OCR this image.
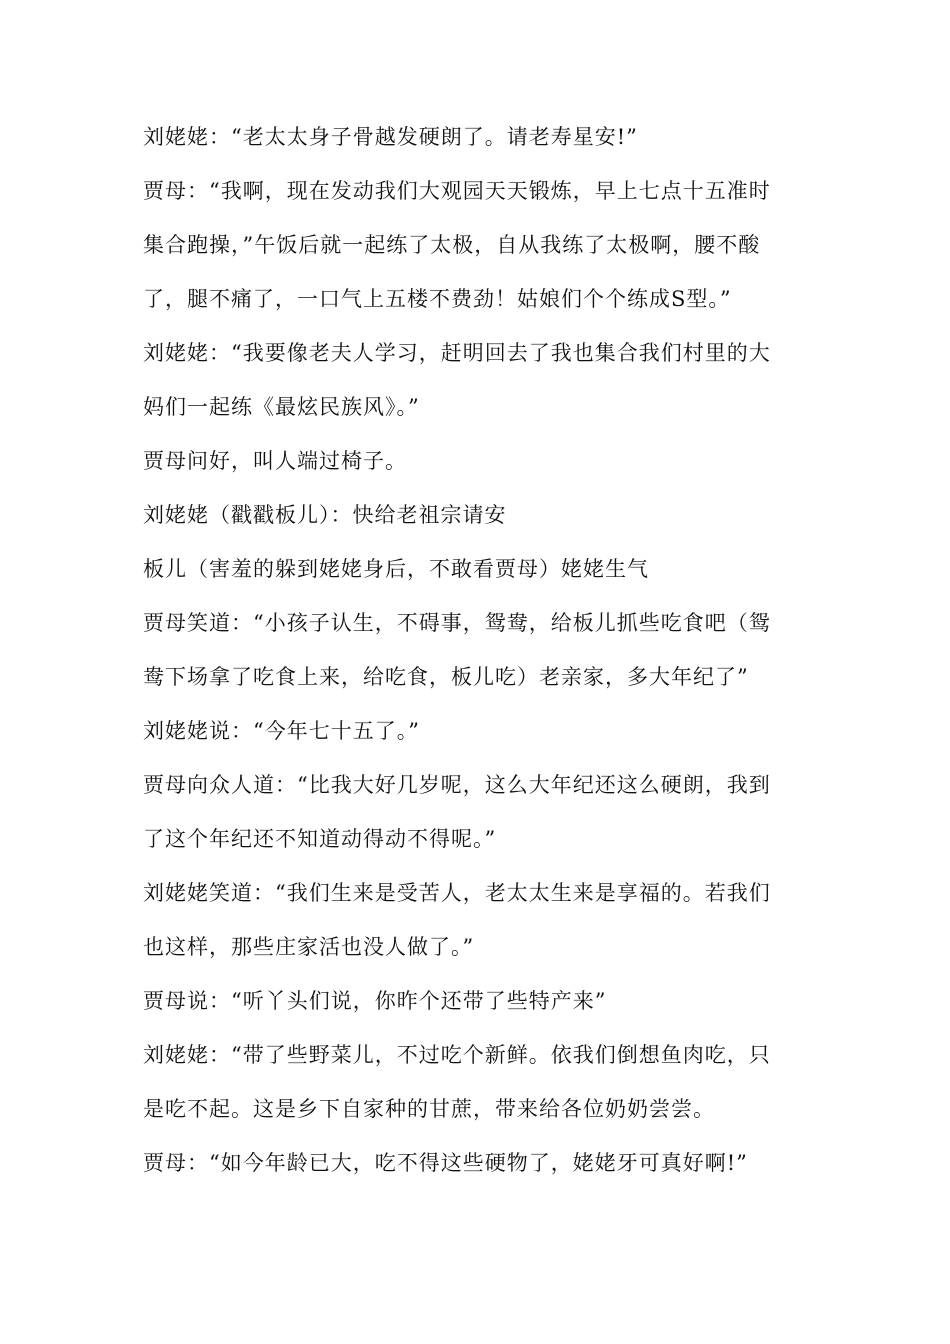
刘姥姥：“老太太身子骨越发硬朗了。请老寿星安!”
贾母：“我啊，现在发动我们大观园天天锻炼，早上七点十五准时
集合跑操，”午饭后就一起练了太极，自从我练了太极啊，腰不酸
了，腿不痛了，一口气上五楼不费劲！姑娘们个个练成S型。”
刘姥姥：“我要像老夫人学习，赶明回去了我也集合我们村里的大
妈们一起练《最炫民族风》。”
贾母问好，叫人端过椅子。
刘姥姥（戳戳板儿）：快给老祖宗请安
板儿（害羞的躲到姥姥身后，不敢看贾母）姥姥生气
贾母笑道：“小孩子认生，不碍事，鸳鸯，给板儿抓些吃食吧（鸳
鸯下场拿了吃食上来，给吃食，板儿吃）老亲家，多大年纪了”
刘姥姥说：“今年七十五了。”
贾母向众人道：“比我大好几岁呢，这么大年纪还这么硬朗，我到
了这个年纪还不知道动得动不得呢。”
刘姥姥笑道：“我们生来是受苦人，老太太生来是享福的。若我们
也这样，那些庄家活也没人做了。”
贾母说：“听丫头们说，你昨个还带了些特产来”
刘姥姥：“带了些野菜儿，不过吃个新鲜。依我们倒想鱼肉吃，只
是吃不起。这是乡下自家种的甘蔗，带来给各位奶奶尝尝。
贾母：“如今年龄已大，吃不得这些硬物了，姥姥牙可真好啊!”
